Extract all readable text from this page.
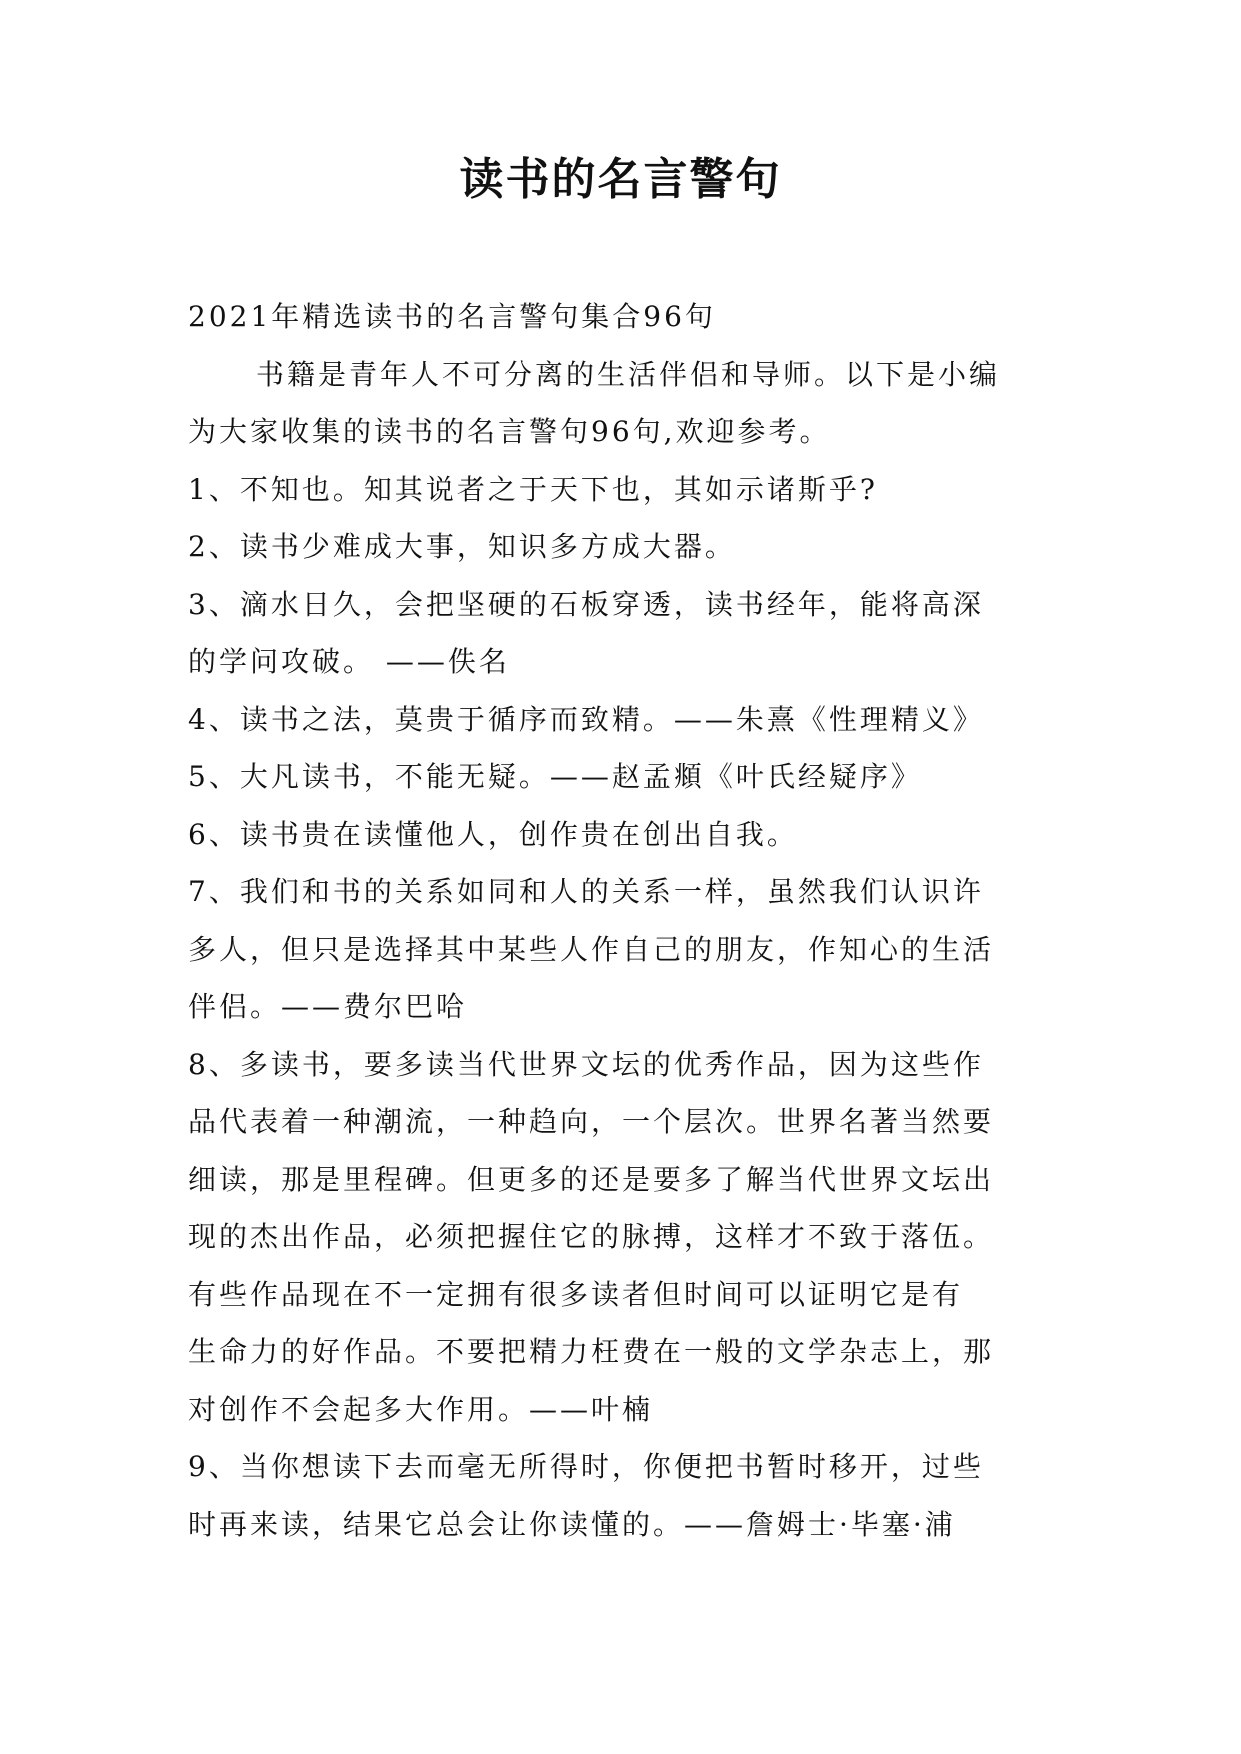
读书的名言警句
2021年精选读书的名言警句集合96句
书籍是青年人不可分离的生活伴侣和导师。以下是小编
为大家收集的读书的名言警句96句,欢迎参考。
1、不知也。知其说者之于天下也，其如示诸斯乎?
2、读书少难成大事，知识多方成大器。
3、滴水日久，会把坚硬的石板穿透，读书经年，能将高深
的学问攻破。 ——佚名
4、读书之法，莫贵于循序而致精。——朱熹《性理精义》
5、大凡读书，不能无疑。——赵孟頫《叶氏经疑序》
6、读书贵在读懂他人，创作贵在创出自我。
7、我们和书的关系如同和人的关系一样，虽然我们认识许
多人，但只是选择其中某些人作自己的朋友，作知心的生活
伴侣。——费尔巴哈
8、多读书，要多读当代世界文坛的优秀作品，因为这些作
品代表着一种潮流，一种趋向，一个层次。世界名著当然要
细读，那是里程碑。但更多的还是要多了解当代世界文坛出
现的杰出作品，必须把握住它的脉搏，这样才不致于落伍。
有些作品现在不一定拥有很多读者但时间可以证明它是有
生命力的好作品。不要把精力枉费在一般的文学杂志上，那
对创作不会起多大作用。——叶楠
9、当你想读下去而毫无所得时，你便把书暂时移开，过些
时再来读，结果它总会让你读懂的。——詹姆士·毕塞·浦
